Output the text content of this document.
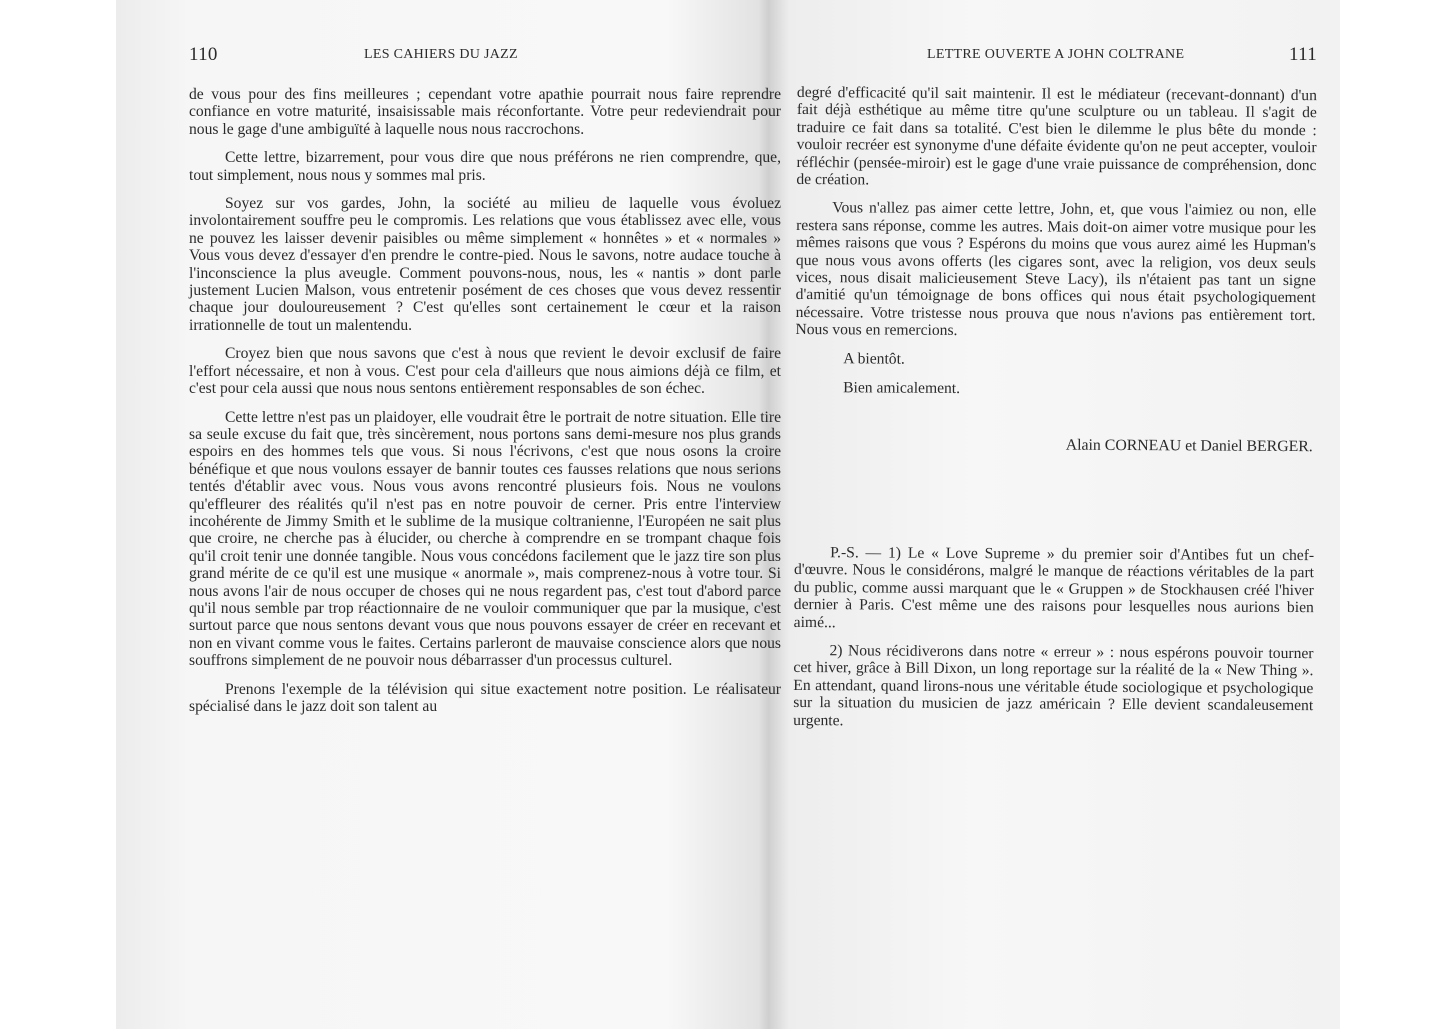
110	LES CAHIERS DU JAZZ

de vous pour des fins meilleures ; cependant votre apathie pourrait nous faire reprendre confiance en votre maturité, insaisissable mais réconfortante. Votre peur redeviendrait pour nous le gage d'une ambiguïté à laquelle nous nous raccrochons.

Cette lettre, bizarrement, pour vous dire que nous préférons ne rien comprendre, que, tout simplement, nous nous y sommes mal pris.

Soyez sur vos gardes, John, la société au milieu de laquelle vous évoluez involontairement souffre peu le compromis. Les relations que vous établissez avec elle, vous ne pouvez les laisser devenir paisibles ou même simplement « honnêtes » et « normales » Vous vous devez d'essayer d'en prendre le contre-pied. Nous le savons, notre audace touche à l'inconscience la plus aveugle. Comment pouvons-nous, nous, les « nantis » dont parle justement Lucien Malson, vous entretenir posément de ces choses que vous devez ressentir chaque jour douloureusement ? C'est qu'elles sont certainement le cœur et la raison irrationnelle de tout un malentendu.

Croyez bien que nous savons que c'est à nous que revient le devoir exclusif de faire l'effort nécessaire, et non à vous. C'est pour cela d'ailleurs que nous aimions déjà ce film, et c'est pour cela aussi que nous nous sentons entièrement responsables de son échec.

Cette lettre n'est pas un plaidoyer, elle voudrait être le portrait de notre situation. Elle tire sa seule excuse du fait que, très sincèrement, nous portons sans demi-mesure nos plus grands espoirs en des hommes tels que vous. Si nous l'écrivons, c'est que nous osons la croire bénéfique et que nous voulons essayer de bannir toutes ces fausses relations que nous serions tentés d'établir avec vous. Nous vous avons rencontré plusieurs fois. Nous ne voulons qu'effleurer des réalités qu'il n'est pas en notre pouvoir de cerner. Pris entre l'interview incohérente de Jimmy Smith et le sublime de la musique coltranienne, l'Européen ne sait plus que croire, ne cherche pas à élucider, ou cherche à comprendre en se trompant chaque fois qu'il croit tenir une donnée tangible. Nous vous concédons facilement que le jazz tire son plus grand mérite de ce qu'il est une musique « anormale », mais comprenez-nous à votre tour. Si nous avons l'air de nous occuper de choses qui ne nous regardent pas, c'est tout d'abord parce qu'il nous semble par trop réactionnaire de ne vouloir communiquer que par la musique, c'est surtout parce que nous sentons devant vous que nous pouvons essayer de créer en recevant et non en vivant comme vous le faites. Certains parleront de mauvaise conscience alors que nous souffrons simplement de ne pouvoir nous débarrasser d'un processus culturel.

Prenons l'exemple de la télévision qui situe exactement notre position. Le réalisateur spécialisé dans le jazz doit son talent au

LETTRE OUVERTE A JOHN COLTRANE	111

degré d'efficacité qu'il sait maintenir. Il est le médiateur (recevant-donnant) d'un fait déjà esthétique au même titre qu'une sculpture ou un tableau. Il s'agit de traduire ce fait dans sa totalité. C'est bien le dilemme le plus bête du monde : vouloir recréer est synonyme d'une défaite évidente qu'on ne peut accepter, vouloir réfléchir (pensée-miroir) est le gage d'une vraie puissance de compréhension, donc de création.

Vous n'allez pas aimer cette lettre, John, et, que vous l'aimiez ou non, elle restera sans réponse, comme les autres. Mais doit-on aimer votre musique pour les mêmes raisons que vous ? Espérons du moins que vous aurez aimé les Hupman's que nous vous avons offerts (les cigares sont, avec la religion, vos deux seuls vices, nous disait malicieusement Steve Lacy), ils n'étaient pas tant un signe d'amitié qu'un témoignage de bons offices qui nous était psychologiquement nécessaire. Votre tristesse nous prouva que nous n'avions pas entièrement tort. Nous vous en remercions.

A bientôt.

Bien amicalement.

Alain CORNEAU et Daniel BERGER.

P.-S. — 1) Le « Love Supreme » du premier soir d'Antibes fut un chef-d'œuvre. Nous le considérons, malgré le manque de réactions véritables de la part du public, comme aussi marquant que le « Gruppen » de Stockhausen créé l'hiver dernier à Paris. C'est même une des raisons pour lesquelles nous aurions bien aimé...

2) Nous récidiverons dans notre « erreur » : nous espérons pouvoir tourner cet hiver, grâce à Bill Dixon, un long reportage sur la réalité de la « New Thing ». En attendant, quand lirons-nous une véritable étude sociologique et psychologique sur la situation du musicien de jazz américain ? Elle devient scandaleusement urgente.
